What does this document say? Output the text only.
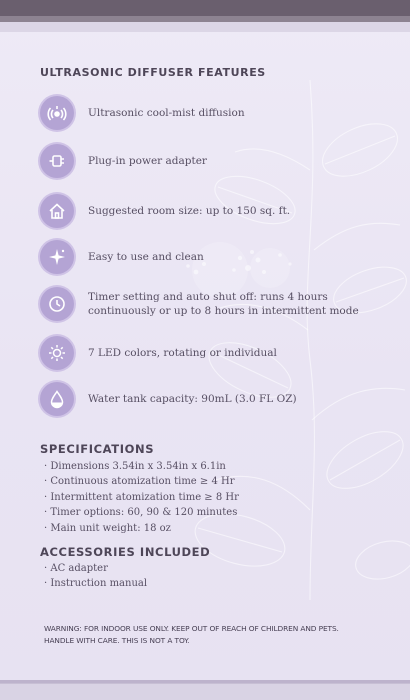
ULTRASONIC DIFFUSER FEATURES
Ultrasonic cool-mist diffusion
Plug-in power adapter
Suggested room size: up to 150 sq. ft.
Easy to use and clean
Timer setting and auto shut off: runs 4 hours
continuously or up to 8 hours in intermittent mode
7 LED colors, rotating or individual
Water tank capacity: 90mL (3.0 FL OZ)
SPECIFICATIONS
· Dimensions 3.54in x 3.54in x 6.1in
· Continuous atomization time ≥ 4 Hr
· Intermittent atomization time ≥ 8 Hr
· Timer options: 60, 90 & 120 minutes
· Main unit weight: 18 oz
ACCESSORIES INCLUDED
· AC adapter
· Instruction manual
WARNING: FOR INDOOR USE ONLY. KEEP OUT OF REACH OF CHILDREN AND PETS.
HANDLE WITH CARE. THIS IS NOT A TOY.
